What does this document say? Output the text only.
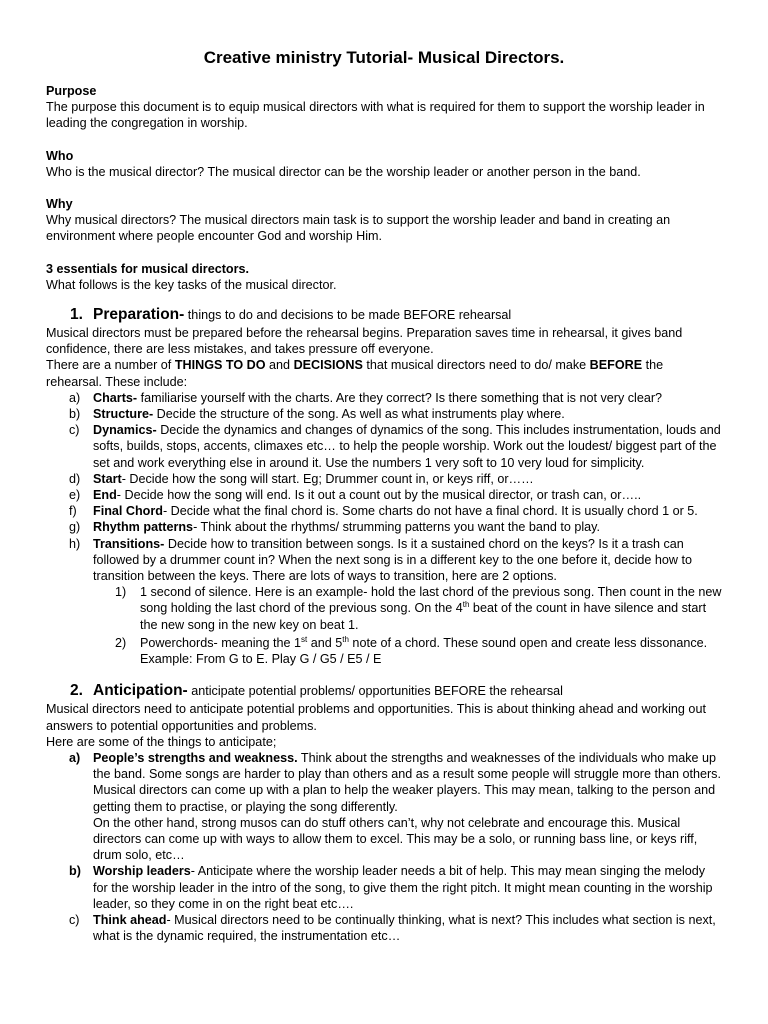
Creative ministry Tutorial- Musical Directors.

Purpose

The purpose this document is to equip musical directors with what is required for them to support the worship leader in leading the congregation in worship.

Who

Who is the musical director? The musical director can be the worship leader or another person in the band.

Why

Why musical directors? The musical directors main task is to support the worship leader and band in creating an environment where people encounter God and worship Him.

3 essentials for musical directors.

What follows is the key tasks of the musical director.

1. Preparation- things to do and decisions to be made BEFORE rehearsal

Musical directors must be prepared before the rehearsal begins. Preparation saves time in rehearsal, it gives band confidence, there are less mistakes, and takes pressure off everyone.

There are a number of THINGS TO DO and DECISIONS that musical directors need to do/ make BEFORE the rehearsal. These include:

a) Charts- familiarise yourself with the charts. Are they correct? Is there something that is not very clear?
b) Structure- Decide the structure of the song. As well as what instruments play where.
c) Dynamics- Decide the dynamics and changes of dynamics of the song. This includes instrumentation, louds and softs, builds, stops, accents, climaxes etc… to help the people worship. Work out the loudest/ biggest part of the set and work everything else in around it. Use the numbers 1 very soft to 10 very loud for simplicity.
d) Start- Decide how the song will start. Eg; Drummer count in, or keys riff, or……
e) End- Decide how the song will end. Is it out a count out by the musical director, or trash can, or…..
f) Final Chord- Decide what the final chord is. Some charts do not have a final chord. It is usually chord 1 or 5.
g) Rhythm patterns- Think about the rhythms/ strumming patterns you want the band to play.
h) Transitions- Decide how to transition between songs. Is it a sustained chord on the keys? Is it a trash can followed by a drummer count in? When the next song is in a different key to the one before it, decide how to transition between the keys. There are lots of ways to transition, here are 2 options.
1) 1 second of silence. Here is an example- hold the last chord of the previous song. Then count in the new song holding the last chord of the previous song. On the 4th beat of the count in have silence and start the new song in the new key on beat 1.
2) Powerchords- meaning the 1st and 5th note of a chord. These sound open and create less dissonance. Example: From G to E. Play G / G5 / E5 / E
2. Anticipation- anticipate potential problems/ opportunities BEFORE the rehearsal

Musical directors need to anticipate potential problems and opportunities. This is about thinking ahead and working out answers to potential opportunities and problems.

Here are some of the things to anticipate;

a) People’s strengths and weakness. Think about the strengths and weaknesses of the individuals who make up the band. Some songs are harder to play than others and as a result some people will struggle more than others. Musical directors can come up with a plan to help the weaker players. This may mean, talking to the person and getting them to practise, or playing the song differently.
On the other hand, strong musos can do stuff others can’t, why not celebrate and encourage this. Musical directors can come up with ways to allow them to excel. This may be a solo, or running bass line, or keys riff, drum solo, etc…
b) Worship leaders- Anticipate where the worship leader needs a bit of help. This may mean singing the melody for the worship leader in the intro of the song, to give them the right pitch. It might mean counting in the worship leader, so they come in on the right beat etc….
c) Think ahead- Musical directors need to be continually thinking, what is next? This includes what section is next, what is the dynamic required, the instrumentation etc…
